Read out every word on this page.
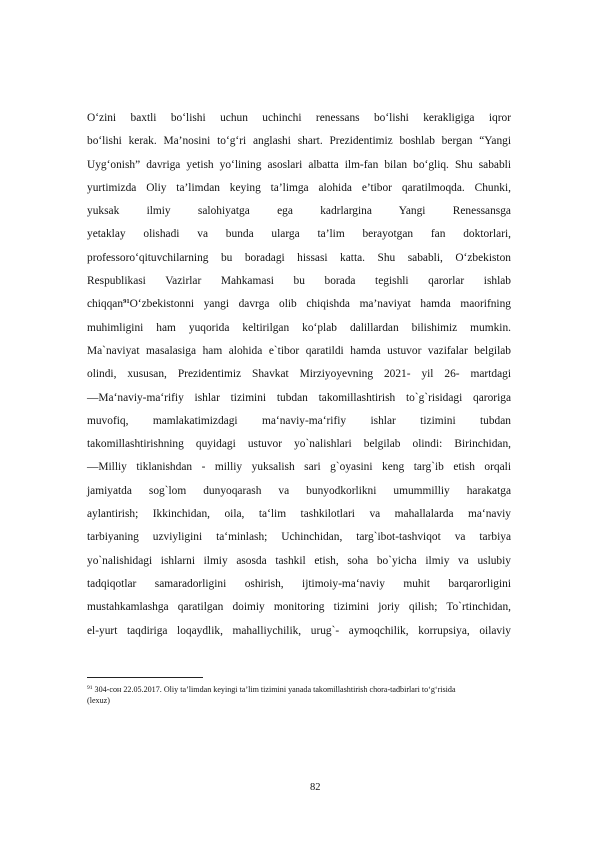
O‘zini baxtli bo‘lishi uchun uchinchi renessans bo‘lishi kerakligiga iqror
bo‘lishi kerak. Ma’nosini to‘g‘ri anglashi shart. Prezidentimiz boshlab bergan “Yangi
Uyg‘onish” davriga yetish yo‘lining asoslari albatta ilm-fan bilan bo‘gliq. Shu sababli
yurtimizda Oliy ta’limdan keying ta’limga alohida e’tibor qaratilmoqda. Chunki,
yuksak ilmiy salohiyatga ega kadrlargina Yangi Renessansga
yetaklay olishadi va bunda ularga ta’lim berayotgan fan doktorlari,
professoro‘qituvchilarning bu boradagi hissasi katta. Shu sababli, O‘zbekiston
Respublikasi Vazirlar Mahkamasi bu borada tegishli qarorlar ishlab
chiqqan$^{91}$O‘zbekistonni yangi davrga olib chiqishda ma’naviyat hamda maorifning
muhimligini ham yuqorida keltirilgan ko‘plab dalillardan bilishimiz mumkin.
Ma`naviyat masalasiga ham alohida e`tibor qaratildi hamda ustuvor vazifalar belgilab
olindi, xususan, Prezidentimiz Shavkat Mirziyoyevning 2021- yil 26- martdagi
―Ma‘naviy-ma‘rifiy ishlar tizimini tubdan takomillashtirish to`g`risidagi qaroriga
muvofiq, mamlakatimizdagi ma‘naviy-ma‘rifiy ishlar tizimini tubdan
takomillashtirishning quyidagi ustuvor yo`nalishlari belgilab olindi: Birinchidan,
―Milliy tiklanishdan - milliy yuksalish sari g`oyasini keng targ`ib etish orqali
jamiyatda sog`lom dunyoqarash va bunyodkorlikni umummilliy harakatga
aylantirish; Ikkinchidan, oila, ta‘lim tashkilotlari va mahallalarda ma‘naviy
tarbiyaning uzviyligini ta‘minlash; Uchinchidan, targ`ibot-tashviqot va tarbiya
yo`nalishidagi ishlarni ilmiy asosda tashkil etish, soha bo`yicha ilmiy va uslubiy
tadqiqotlar samaradorligini oshirish, ijtimoiy-ma‘naviy muhit barqarorligini
mustahkamlashga qaratilgan doimiy monitoring tizimini joriy qilish; To`rtinchidan,
el-yurt taqdiriga loqaydlik, mahalliychilik, urug`- aymoqchilik, korrupsiya, oilaviy
$^{91}$ 304-сон 22.05.2017. Oliy ta’limdan keyingi ta’lim tizimini yanada takomillashtirish chora-tadbirlari to‘g‘risida
(lexuz)
82
